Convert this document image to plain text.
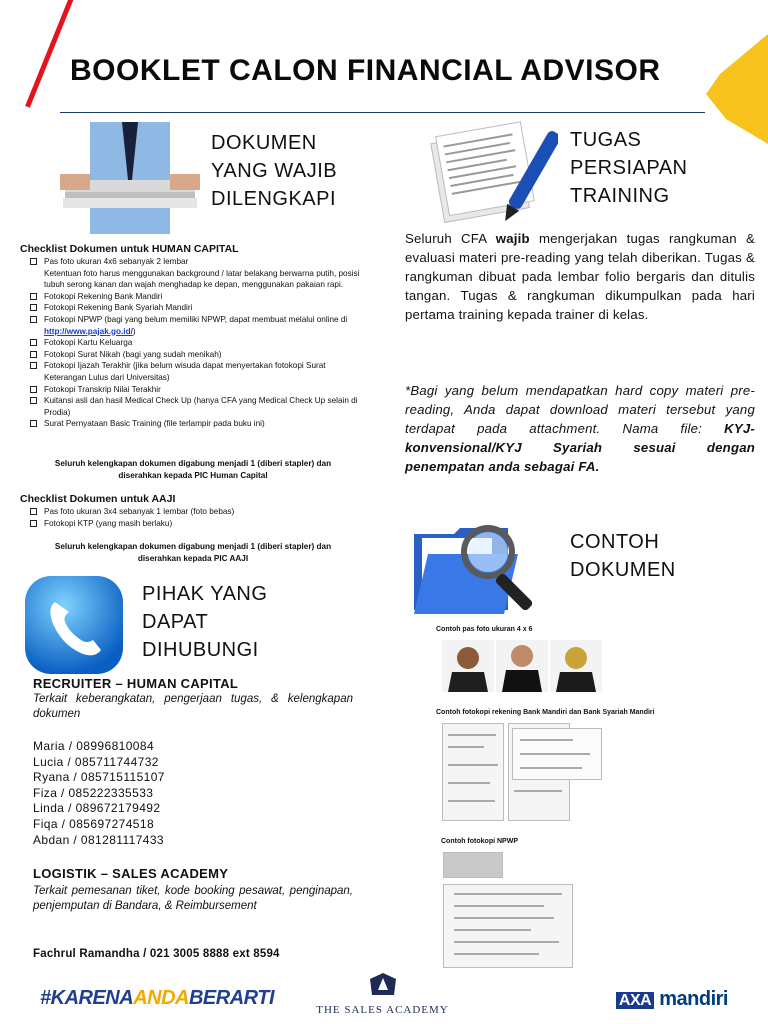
BOOKLET CALON FINANCIAL ADVISOR
DOKUMEN
YANG WAJIB
DILENGKAPI
Checklist Dokumen untuk HUMAN CAPITAL
Pas foto ukuran 4x6 sebanyak 2 lembar
Ketentuan foto harus menggunakan background / latar belakang berwarna putih, posisi tubuh serong kanan dan wajah menghadap ke depan, menggunakan pakaian rapi.
Fotokopi Rekening Bank Mandiri
Fotokopi Rekening Bank Syariah Mandiri
Fotokopi NPWP (bagi yang belum memiliki NPWP, dapat membuat melalui online di http://www.pajak.go.id/)
Fotokopi Kartu Keluarga
Fotokopi Surat Nikah (bagi yang sudah menikah)
Fotokopi Ijazah Terakhir (jika belum wisuda dapat menyertakan fotokopi Surat Keterangan Lulus dari Universitas)
Fotokopi Transkrip Nilai Terakhir
Kuitansi asli dan hasil Medical Check Up (hanya CFA yang Medical Check Up selain di Prodia)
Surat Pernyataan Basic Training (file terlampir pada buku ini)
Seluruh kelengkapan dokumen digabung menjadi 1 (diberi stapler) dan
diserahkan kepada PIC Human Capital
Checklist Dokumen untuk AAJI
Pas foto ukuran 3x4 sebanyak 1 lembar (foto bebas)
Fotokopi KTP (yang masih berlaku)
Seluruh kelengkapan dokumen digabung menjadi 1 (diberi stapler) dan
diserahkan kepada PIC AAJI
PIHAK YANG
DAPAT
DIHUBUNGI
RECRUITER – HUMAN CAPITAL
Terkait keberangkatan, pengerjaan tugas, & kelengkapan dokumen
Maria / 08996810084
Lucia / 085711744732
Ryana / 085715115107
Fiza / 085222335533
Linda / 089672179492
Fiqa / 085697274518
Abdan / 081281117433
LOGISTIK – SALES ACADEMY
Terkait pemesanan tiket, kode booking pesawat, penginapan, penjemputan di Bandara, & Reimbursement
Fachrul Ramandha / 021 3005 8888 ext 8594
TUGAS
PERSIAPAN
TRAINING

Seluruh CFA wajib mengerjakan tugas rangkuman & evaluasi materi pre-reading yang telah diberikan. Tugas & rangkuman dibuat pada lembar folio bergaris dan ditulis tangan. Tugas & rangkuman dikumpulkan pada hari pertama training kepada trainer di kelas.

*Bagi yang belum mendapatkan hard copy materi pre-reading, Anda dapat download materi tersebut yang terdapat pada attachment. Nama file: KYJ-konvensional/KYJ Syariah sesuai dengan penempatan anda sebagai FA.

CONTOH
DOKUMEN
Contoh pas foto ukuran 4 x 6
Contoh fotokopi rekening Bank Mandiri dan Bank Syariah Mandiri
Contoh fotokopi NPWP
#KARENAANDABERARTI
THE SALES ACADEMY
AXA mandiri
